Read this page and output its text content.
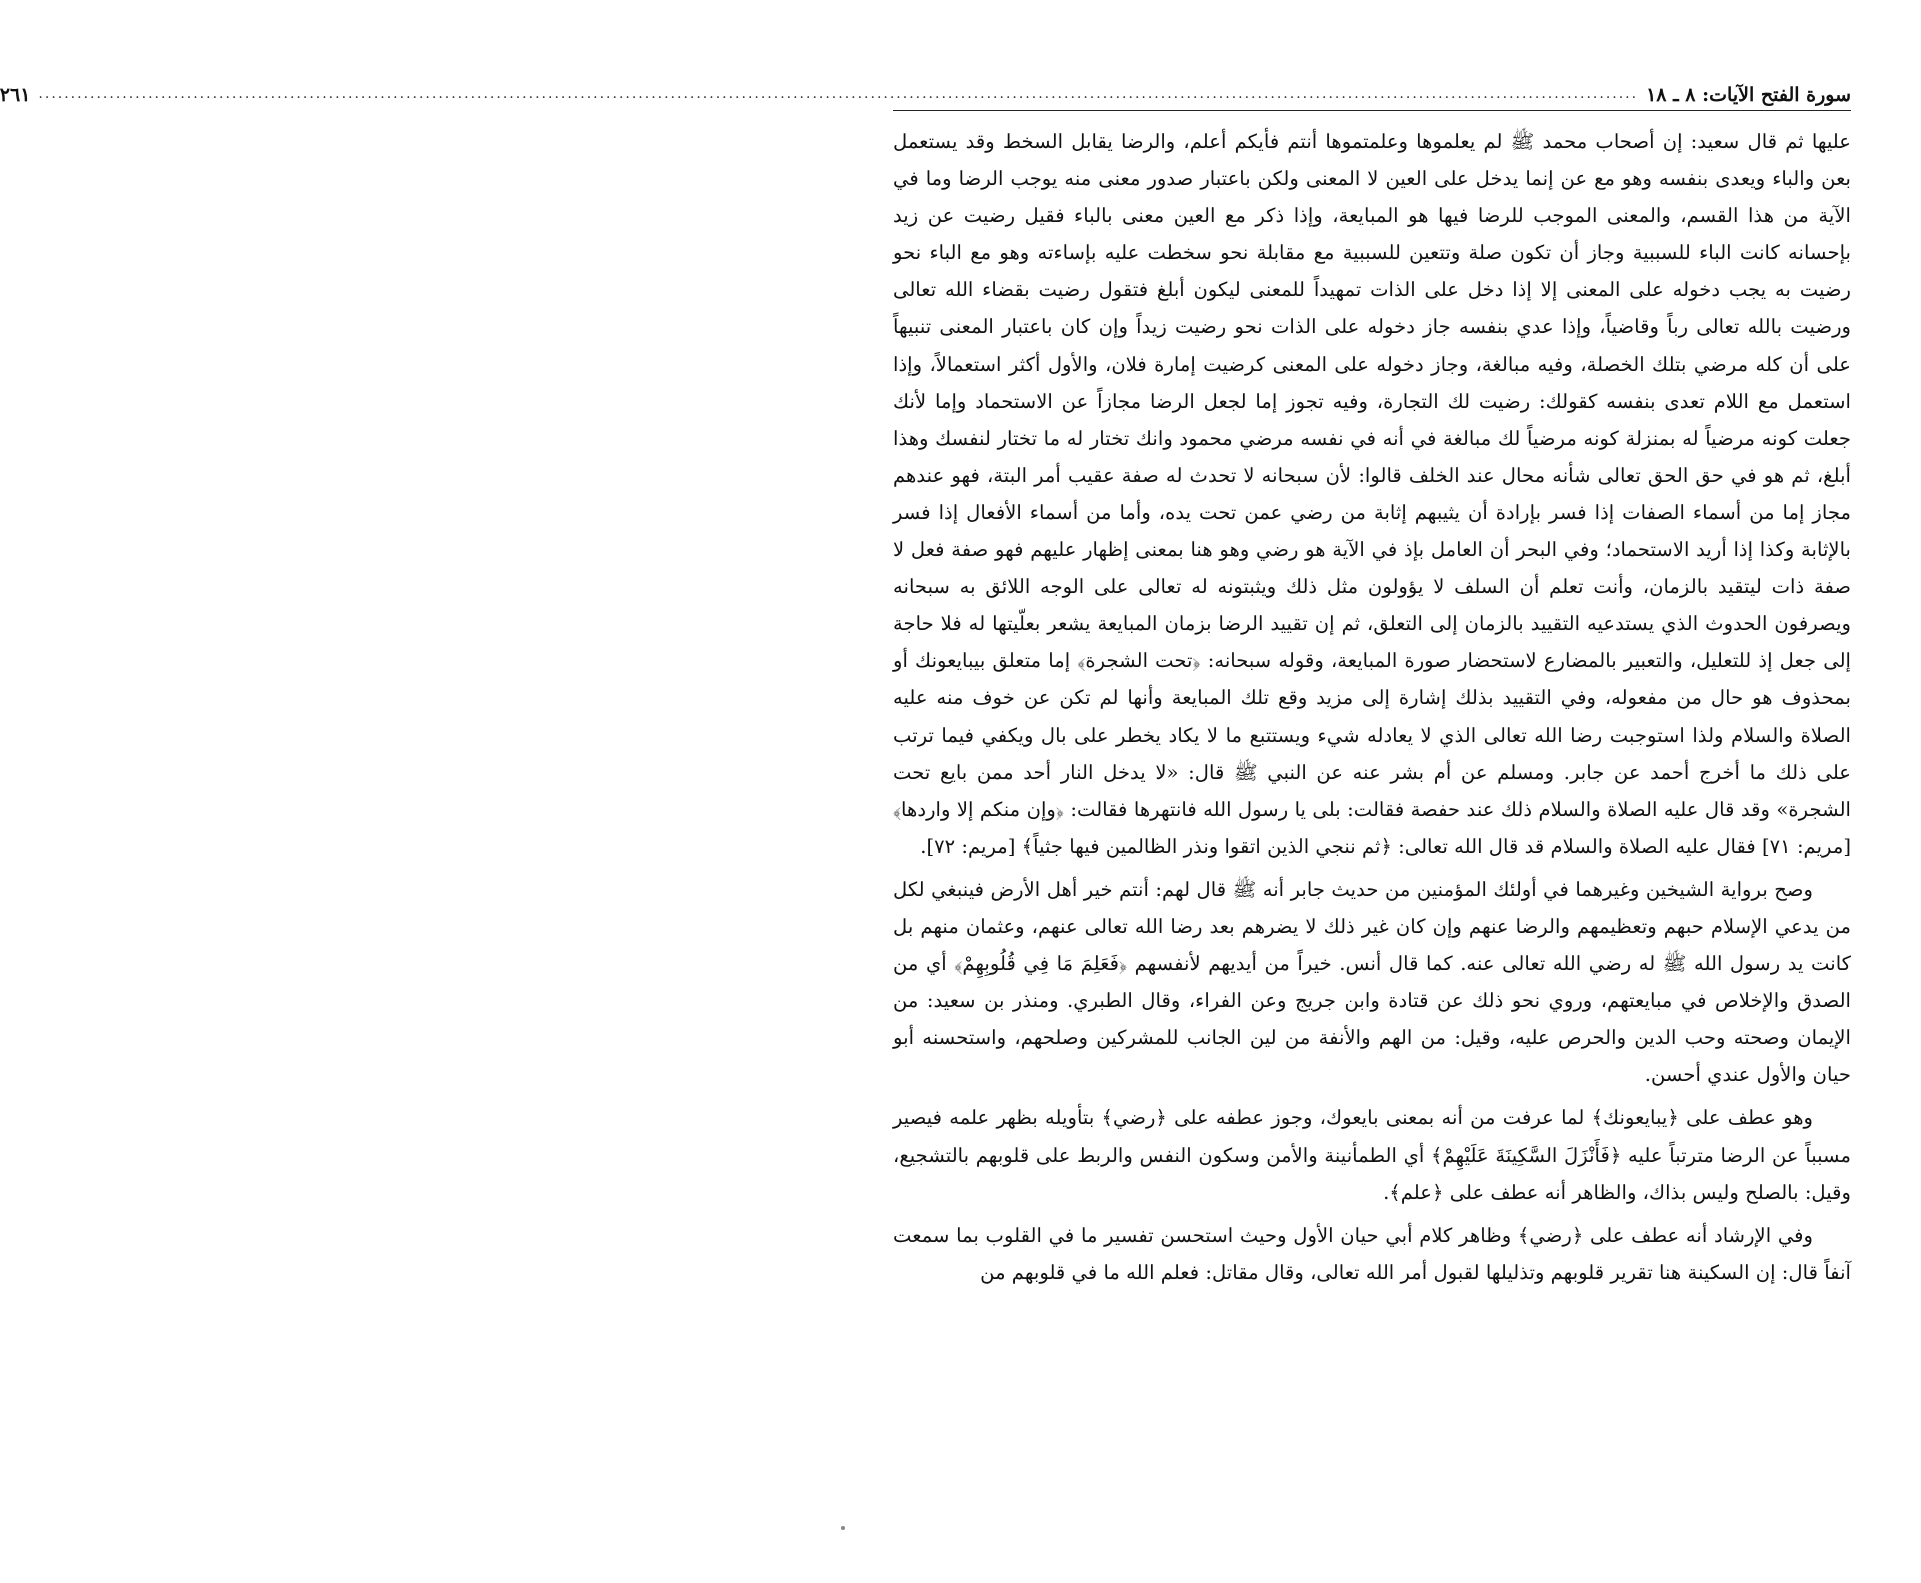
سورة الفتح الآيات: ٨ ـ ١٨
........................................................................................................................................................................................................................................................
٢٦١

عليها ثم قال سعيد: إن أصحاب محمد ﷺ لم يعلموها وعلمتموها أنتم فأيكم أعلم، والرضا يقابل السخط وقد يستعمل بعن والباء ويعدى بنفسه وهو مع عن إنما يدخل على العين لا المعنى ولكن باعتبار صدور معنى منه يوجب الرضا وما في الآية من هذا القسم، والمعنى الموجب للرضا فيها هو المبايعة، وإذا ذكر مع العين معنى بالباء فقيل رضيت عن زيد بإحسانه كانت الباء للسببية وجاز أن تكون صلة وتتعين للسببية مع مقابلة نحو سخطت عليه بإساءته وهو مع الباء نحو رضيت به يجب دخوله على المعنى إلا إذا دخل على الذات تمهيداً للمعنى ليكون أبلغ فتقول رضيت بقضاء الله تعالى ورضيت بالله تعالى رباً وقاضياً، وإذا عدي بنفسه جاز دخوله على الذات نحو رضيت زيداً وإن كان باعتبار المعنى تنبيهاً على أن كله مرضي بتلك الخصلة، وفيه مبالغة، وجاز دخوله على المعنى كرضيت إمارة فلان، والأول أكثر استعمالاً، وإذا استعمل مع اللام تعدى بنفسه كقولك: رضيت لك التجارة، وفيه تجوز إما لجعل الرضا مجازاً عن الاستحماد وإما لأنك جعلت كونه مرضياً له بمنزلة كونه مرضياً لك مبالغة في أنه في نفسه مرضي محمود وانك تختار له ما تختار لنفسك وهذا أبلغ، ثم هو في حق الحق تعالى شأنه محال عند الخلف قالوا: لأن سبحانه لا تحدث له صفة عقيب أمر البتة، فهو عندهم مجاز إما من أسماء الصفات إذا فسر بإرادة أن يثيبهم إثابة من رضي عمن تحت يده، وأما من أسماء الأفعال إذا فسر بالإثابة وكذا إذا أريد الاستحماد؛ وفي البحر أن العامل بإذ في الآية هو رضي وهو هنا بمعنى إظهار عليهم فهو صفة فعل لا صفة ذات ليتقيد بالزمان، وأنت تعلم أن السلف لا يؤولون مثل ذلك ويثبتونه له تعالى على الوجه اللائق به سبحانه ويصرفون الحدوث الذي يستدعيه التقييد بالزمان إلى التعلق، ثم إن تقييد الرضا بزمان المبايعة يشعر بعلّيتها له فلا حاجة إلى جعل إذ للتعليل، والتعبير بالمضارع لاستحضار صورة المبايعة، وقوله سبحانه: ﴿تحت الشجرة﴾ إما متعلق بيبايعونك أو بمحذوف هو حال من مفعوله، وفي التقييد بذلك إشارة إلى مزيد وقع تلك المبايعة وأنها لم تكن عن خوف منه عليه الصلاة والسلام ولذا استوجبت رضا الله تعالى الذي لا يعادله شيء ويستتبع ما لا يكاد يخطر على بال ويكفي فيما ترتب على ذلك ما أخرج أحمد عن جابر. ومسلم عن أم بشر عنه عن النبي ﷺ قال: «لا يدخل النار أحد ممن بايع تحت الشجرة» وقد قال عليه الصلاة والسلام ذلك عند حفصة فقالت: بلى يا رسول الله فانتهرها فقالت: ﴿وإن منكم إلا واردها﴾ [مريم: ٧١] فقال عليه الصلاة والسلام قد قال الله تعالى: ﴿ثم ننجي الذين اتقوا ونذر الظالمين فيها جثياً﴾ [مريم: ٧٢].

وصح برواية الشيخين وغيرهما في أولئك المؤمنين من حديث جابر أنه ﷺ قال لهم: أنتم خير أهل الأرض فينبغي لكل من يدعي الإسلام حبهم وتعظيمهم والرضا عنهم وإن كان غير ذلك لا يضرهم بعد رضا الله تعالى عنهم، وعثمان منهم بل كانت يد رسول الله ﷺ له رضي الله تعالى عنه. كما قال أنس. خيراً من أيديهم لأنفسهم ﴿فَعَلِمَ مَا فِي قُلُوبِهِمْ﴾ أي من الصدق والإخلاص في مبايعتهم، وروي نحو ذلك عن قتادة وابن جريج وعن الفراء، وقال الطبري. ومنذر بن سعيد: من الإيمان وصحته وحب الدين والحرص عليه، وقيل: من الهم والأنفة من لين الجانب للمشركين وصلحهم، واستحسنه أبو حيان والأول عندي أحسن.

وهو عطف على ﴿يبايعونك﴾ لما عرفت من أنه بمعنى بايعوك، وجوز عطفه على ﴿رضي﴾ بتأويله بظهر علمه فيصير مسبباً عن الرضا مترتباً عليه ﴿فَأَنْزَلَ السَّكِينَةَ عَلَيْهِمْ﴾ أي الطمأنينة والأمن وسكون النفس والربط على قلوبهم بالتشجيع، وقيل: بالصلح وليس بذاك، والظاهر أنه عطف على ﴿علم﴾.

وفي الإرشاد أنه عطف على ﴿رضي﴾ وظاهر كلام أبي حيان الأول وحيث استحسن تفسير ما في القلوب بما سمعت آنفاً قال: إن السكينة هنا تقرير قلوبهم وتذليلها لقبول أمر الله تعالى، وقال مقاتل: فعلم الله ما في قلوبهم من
